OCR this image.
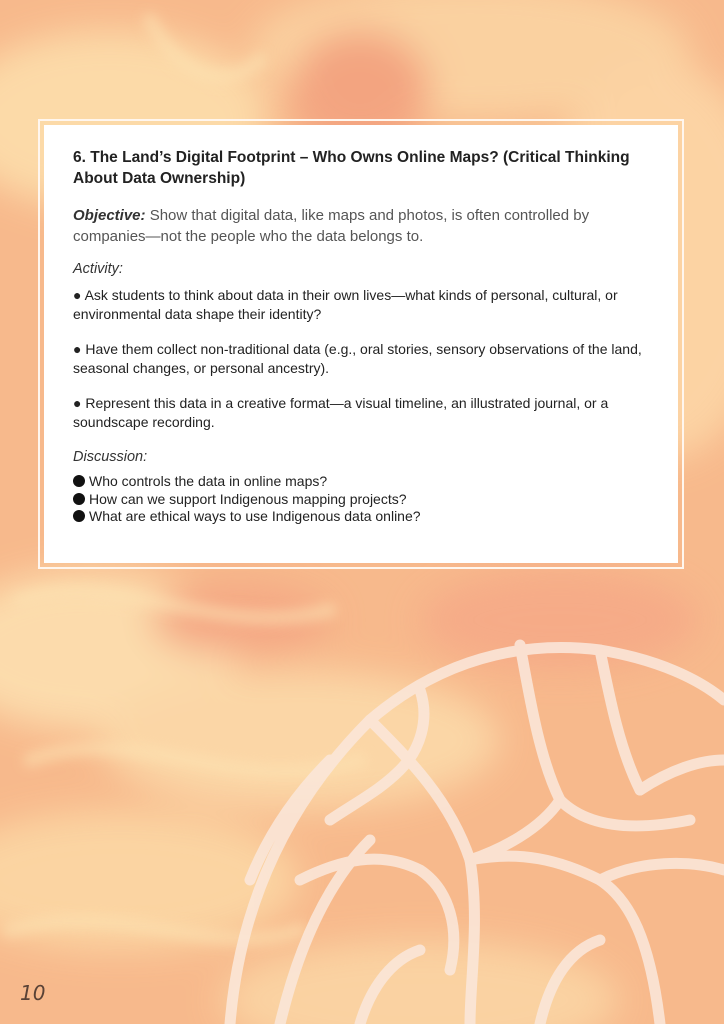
6. The Land’s Digital Footprint – Who Owns Online Maps? (Critical Thinking About Data Ownership)
Objective: Show that digital data, like maps and photos, is often controlled by companies—not the people who the data belongs to.
Activity:
● Ask students to think about data in their own lives—what kinds of personal, cultural, or environmental data shape their identity?
● Have them collect non-traditional data (e.g., oral stories, sensory observations of the land, seasonal changes, or personal ancestry).
● Represent this data in a creative format—a visual timeline, an illustrated journal, or a soundscape recording.
Discussion:
Who controls the data in online maps?
How can we support Indigenous mapping projects?
What are ethical ways to use Indigenous data online?
10
